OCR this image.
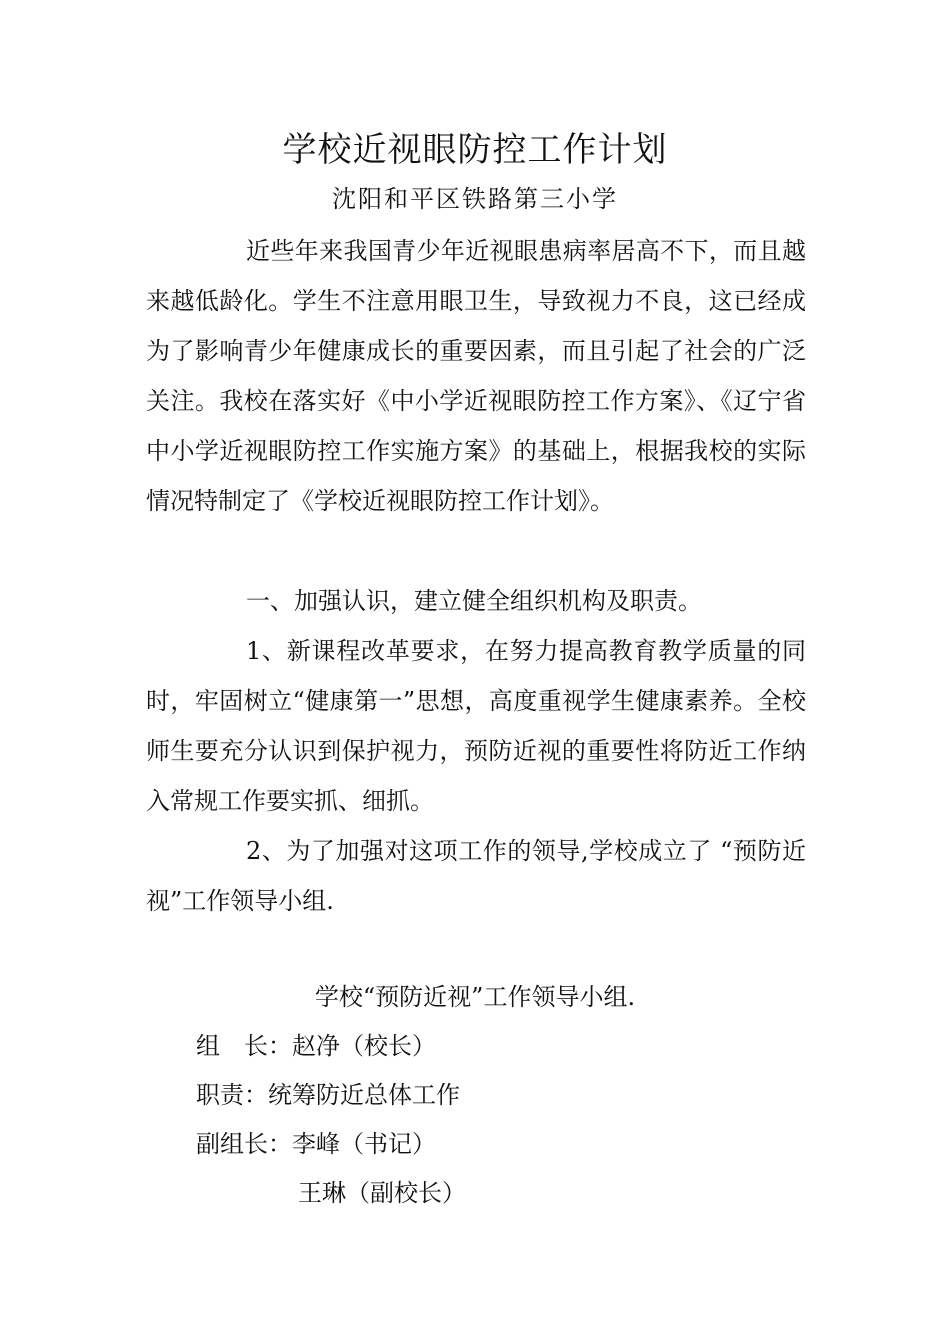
学校近视眼防控工作计划
沈阳和平区铁路第三小学

近些年来我国青少年近视眼患病率居高不下，而且越来越低龄化。学生不注意用眼卫生，导致视力不良，这已经成为了影响青少年健康成长的重要因素，而且引起了社会的广泛关注。我校在落实好《中小学近视眼防控工作方案》、《辽宁省中小学近视眼防控工作实施方案》的基础上，根据我校的实际情况特制定了《学校近视眼防控工作计划》。

一、加强认识，建立健全组织机构及职责。

1、新课程改革要求，在努力提高教育教学质量的同时，牢固树立“健康第一”思想，高度重视学生健康素养。全校师生要充分认识到保护视力，预防近视的重要性将防近工作纳入常规工作要实抓、细抓。

2、为了加强对这项工作的领导,学校成立了 “预防近视”工作领导小组.

学校“预防近视”工作领导小组.
组　长：赵净（校长）
职责：统筹防近总体工作
副组长：李峰（书记）
王琳（副校长）
